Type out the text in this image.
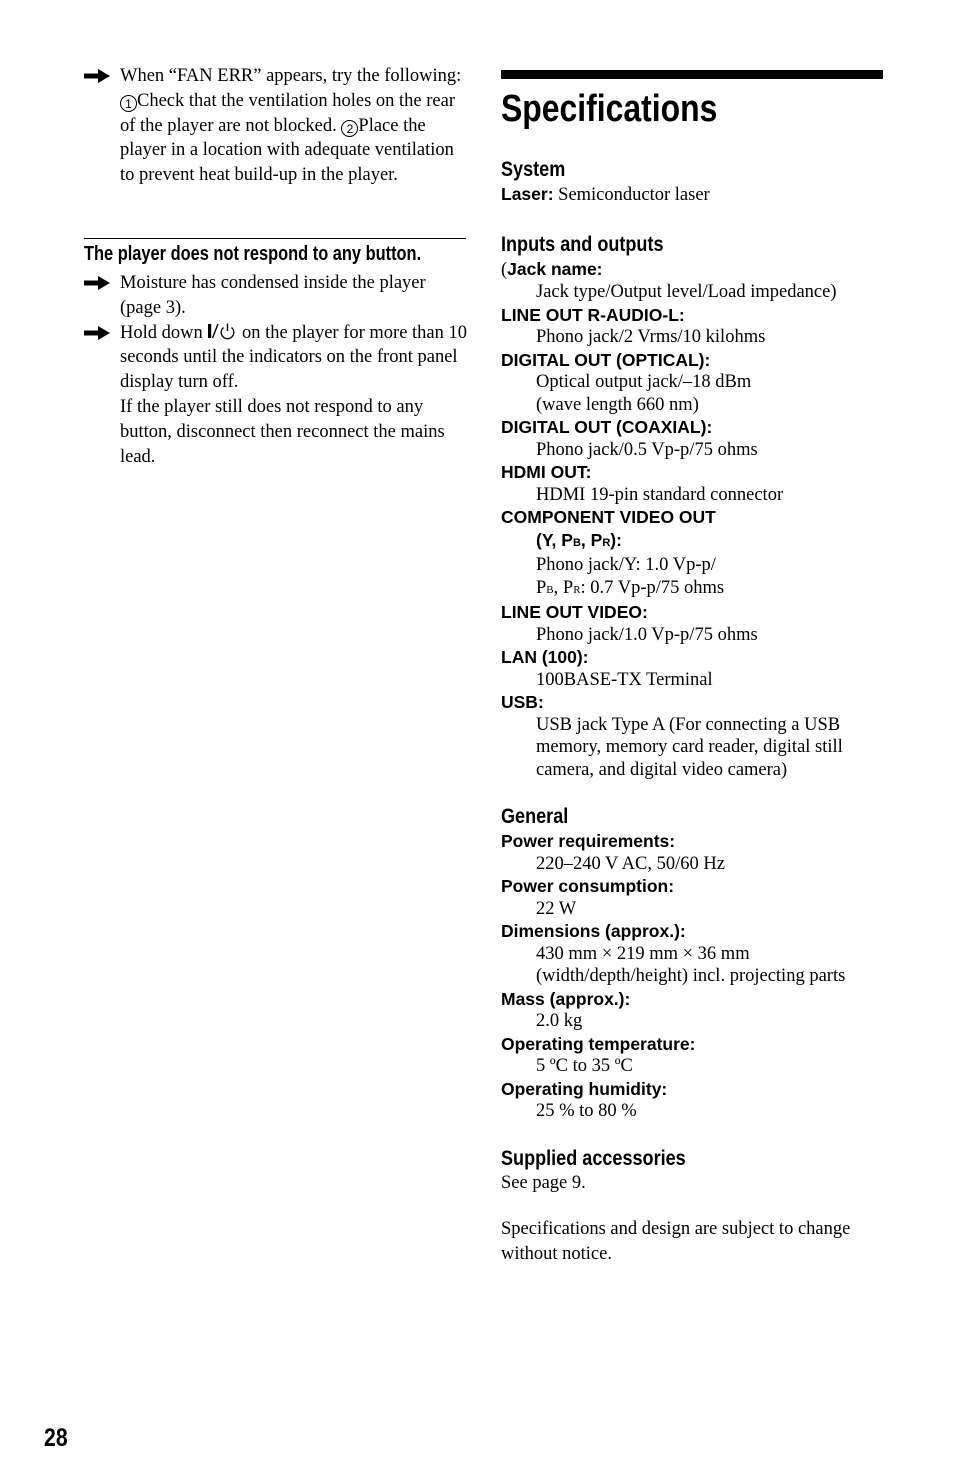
When “FAN ERR” appears, try the following: 1 Check that the ventilation holes on the rear of the player are not blocked. 2 Place the player in a location with adequate ventilation to prevent heat build-up in the player.
The player does not respond to any button.
Moisture has condensed inside the player (page 3).
Hold down  on the player for more than 10 seconds until the indicators on the front panel display turn off.
If the player still does not respond to any button, disconnect then reconnect the mains lead.
Specifications
System
Laser: Semiconductor laser
Inputs and outputs
(Jack name:
Jack type/Output level/Load impedance)
LINE OUT R-AUDIO-L:
Phono jack/2 Vrms/10 kilohms
DIGITAL OUT (OPTICAL):
Optical output jack/–18 dBm
(wave length 660 nm)
DIGITAL OUT (COAXIAL):
Phono jack/0.5 Vp-p/75 ohms
HDMI OUT:
HDMI 19-pin standard connector
COMPONENT VIDEO OUT
(Y, PB, PR):
Phono jack/Y: 1.0 Vp-p/
PB, PR: 0.7 Vp-p/75 ohms
LINE OUT VIDEO:
Phono jack/1.0 Vp-p/75 ohms
LAN (100):
100BASE-TX Terminal
USB:
USB jack Type A (For connecting a USB memory, memory card reader, digital still camera, and digital video camera)
General
Power requirements:
220–240 V AC, 50/60 Hz
Power consumption:
22 W
Dimensions (approx.):
430 mm × 219 mm × 36 mm
(width/depth/height) incl. projecting parts
Mass (approx.):
2.0 kg
Operating temperature:
5 ºC to 35 ºC
Operating humidity:
25 % to 80 %
Supplied accessories
See page 9.
Specifications and design are subject to change without notice.
28
